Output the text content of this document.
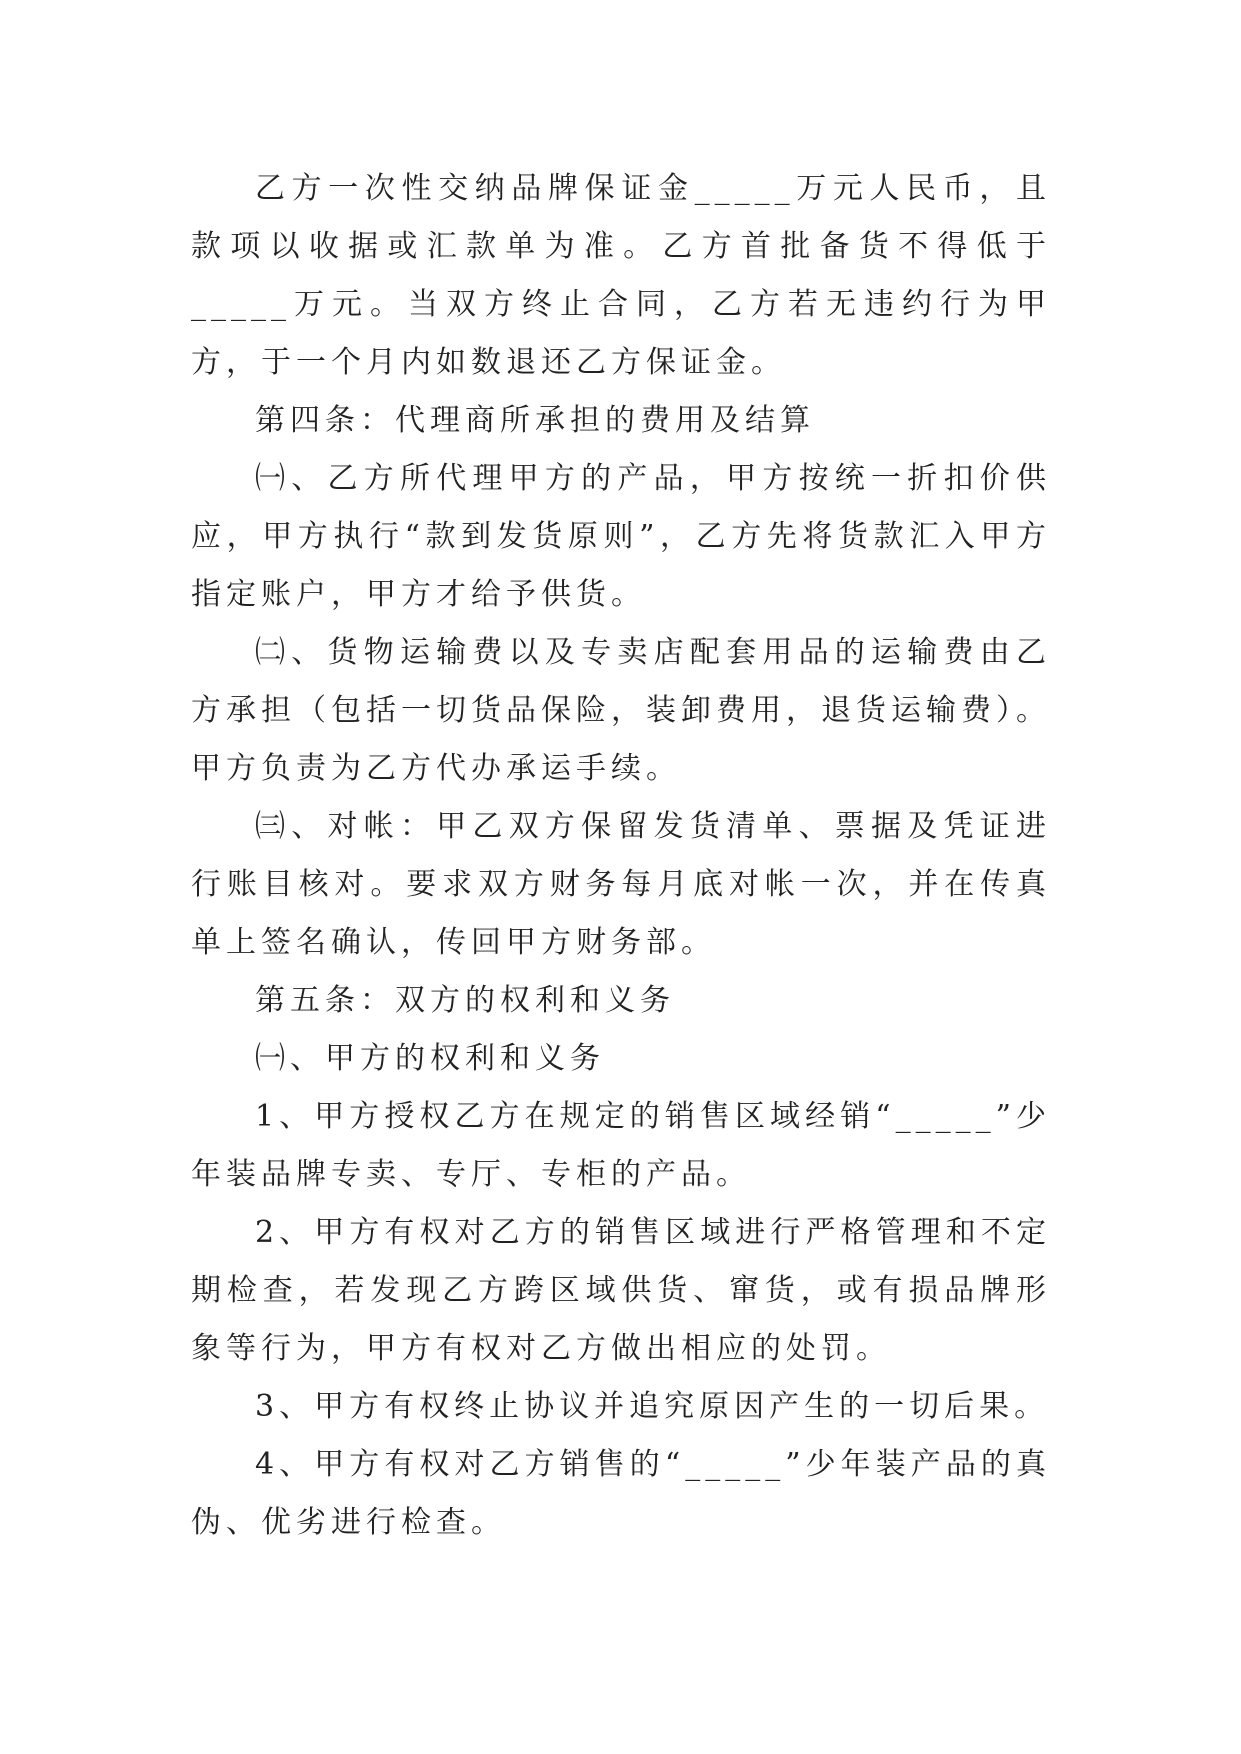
乙方一次性交纳品牌保证金_____万元人民币，且款项以收据或汇款单为准。乙方首批备货不得低于_____万元。当双方终止合同，乙方若无违约行为甲方，于一个月内如数退还乙方保证金。

第四条：代理商所承担的费用及结算

㈠、乙方所代理甲方的产品，甲方按统一折扣价供应，甲方执行“款到发货原则”，乙方先将货款汇入甲方指定账户，甲方才给予供货。

㈡、货物运输费以及专卖店配套用品的运输费由乙方承担（包括一切货品保险，装卸费用，退货运输费）。甲方负责为乙方代办承运手续。

㈢、对帐：甲乙双方保留发货清单、票据及凭证进行账目核对。要求双方财务每月底对帐一次，并在传真单上签名确认，传回甲方财务部。

第五条：双方的权利和义务

㈠、甲方的权利和义务

1、甲方授权乙方在规定的销售区域经销“_____”少年装品牌专卖、专厅、专柜的产品。

2、甲方有权对乙方的销售区域进行严格管理和不定期检查，若发现乙方跨区域供货、窜货，或有损品牌形象等行为，甲方有权对乙方做出相应的处罚。

3、甲方有权终止协议并追究原因产生的一切后果。

4、甲方有权对乙方销售的“_____”少年装产品的真伪、优劣进行检查。
